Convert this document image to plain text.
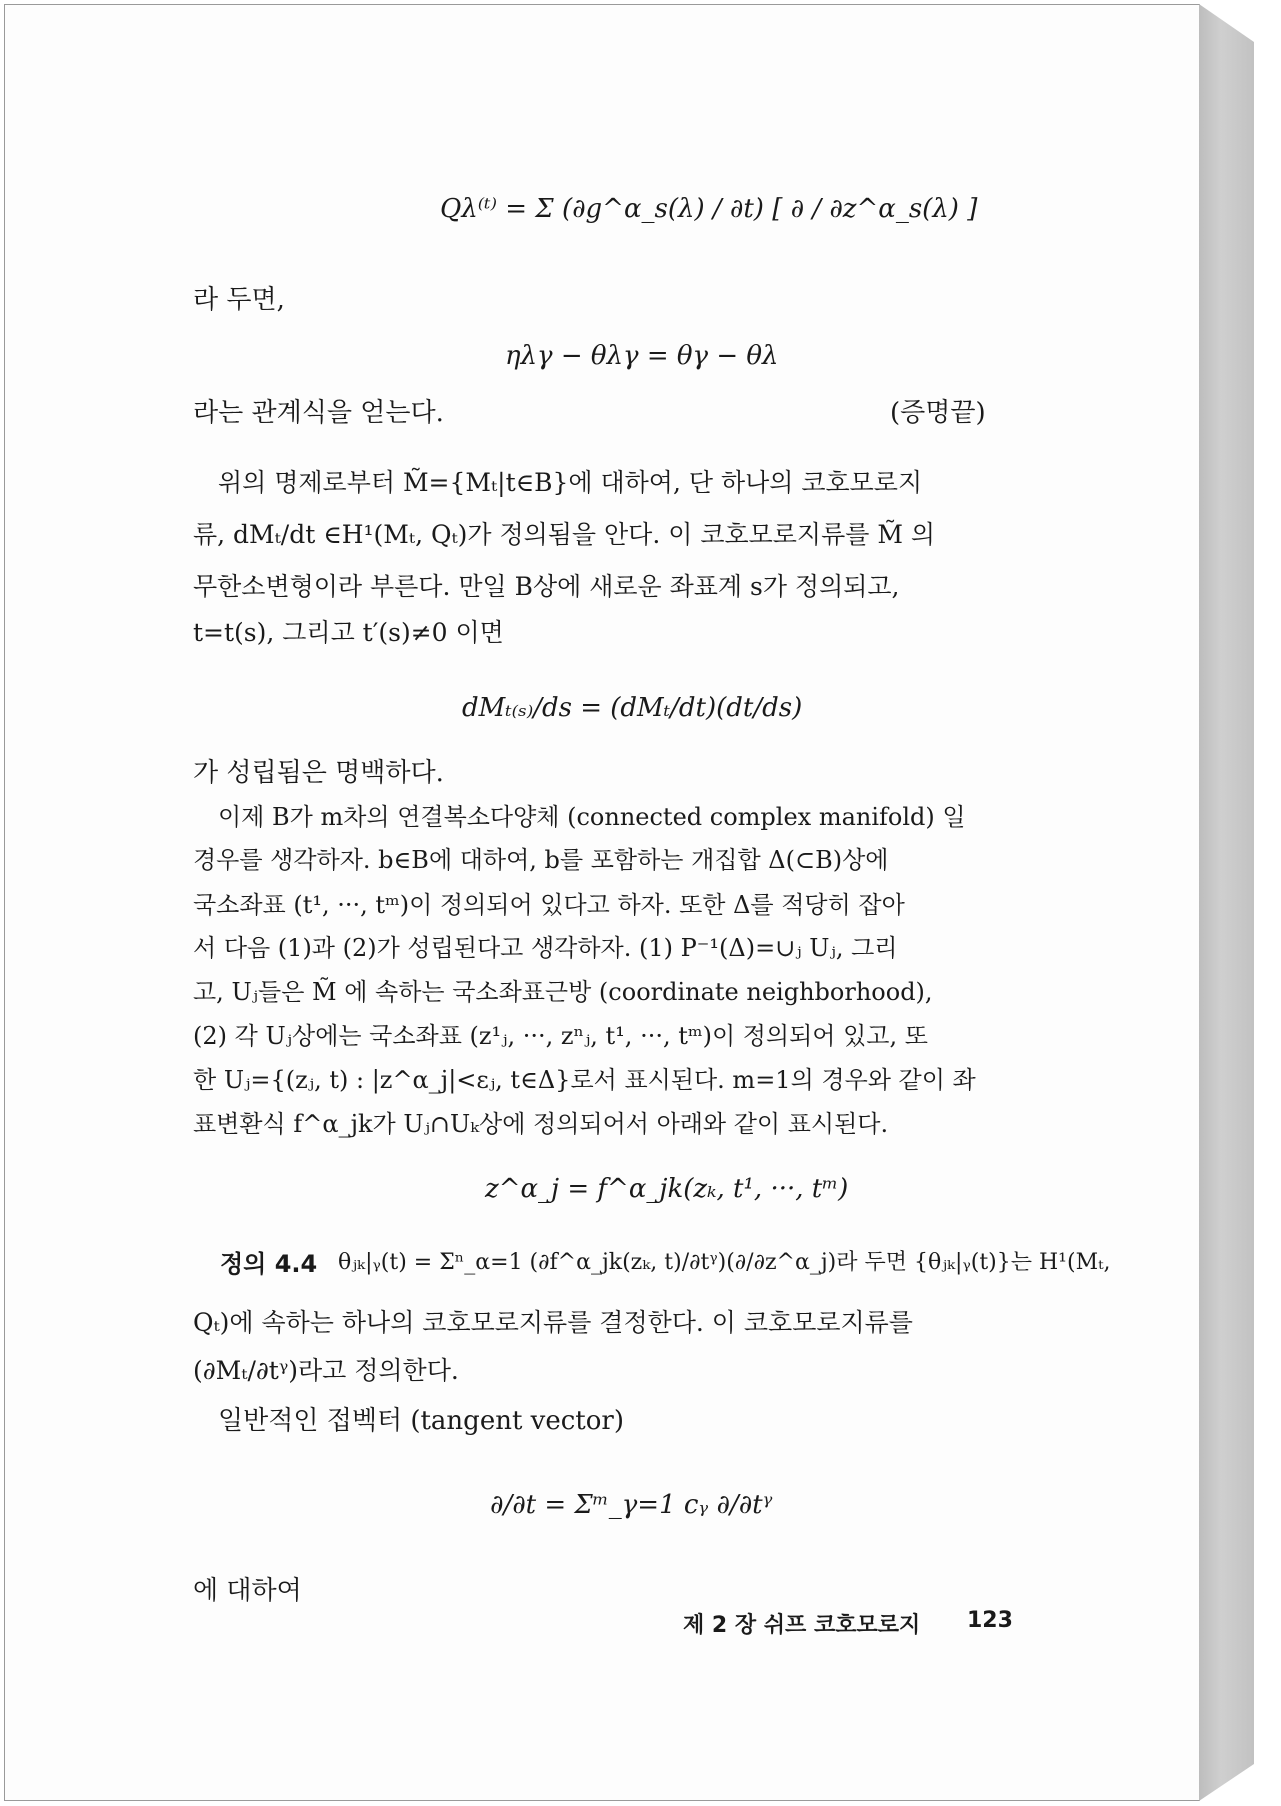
Qλ⁽ᵗ⁾ = Σ (∂g^α_s(λ) / ∂t) [ ∂ / ∂z^α_s(λ) ]
라 두면,
ηλγ − θλγ = θγ − θλ
라는 관계식을 얻는다.	(증명끝)
위의 명제로부터 M̃={Mₜ|t∈B}에 대하여, 단 하나의 코호모로지
류, dMₜ/dt ∈H¹(Mₜ, Qₜ)가 정의됨을 안다. 이 코호모로지류를 M̃ 의
무한소변형이라 부른다. 만일 B상에 새로운 좌표계 s가 정의되고,
t=t(s), 그리고 t′(s)≠0 이면
dMₜ₍ₛ₎/ds = (dMₜ/dt)(dt/ds)
가 성립됨은 명백하다.
이제 B가 m차의 연결복소다양체 (connected complex manifold) 일
경우를 생각하자. b∈B에 대하여, b를 포함하는 개집합 Δ(⊂B)상에
국소좌표 (t¹, ···, tᵐ)이 정의되어 있다고 하자. 또한 Δ를 적당히 잡아
서 다음 (1)과 (2)가 성립된다고 생각하자. (1) P⁻¹(Δ)=∪ⱼ Uⱼ, 그리
고, Uⱼ들은 M̃ 에 속하는 국소좌표근방 (coordinate neighborhood),
(2) 각 Uⱼ상에는 국소좌표 (z¹ⱼ, ···, zⁿⱼ, t¹, ···, tᵐ)이 정의되어 있고, 또
한 Uⱼ={(zⱼ, t) : |z^α_j|<εⱼ, t∈Δ}로서 표시된다. m=1의 경우와 같이 좌
표변환식 f^α_jk가 Uⱼ∩Uₖ상에 정의되어서 아래와 같이 표시된다.
z^α_j = f^α_jk(zₖ, t¹, ···, tᵐ)
정의 4.4 θⱼₖ|ᵧ(t) = Σⁿ_α=1 (∂f^α_jk(zₖ, t)/∂tᵞ)(∂/∂z^α_j)라 두면 {θⱼₖ|ᵧ(t)}는 H¹(Mₜ,
Qₜ)에 속하는 하나의 코호모로지류를 결정한다. 이 코호모로지류를
(∂Mₜ/∂tᵞ)라고 정의한다.
일반적인 접벡터 (tangent vector)
∂/∂t = Σᵐ_γ=1 cᵧ ∂/∂tᵞ
에 대하여
제 2 장 쉬프 코호모로지 123
